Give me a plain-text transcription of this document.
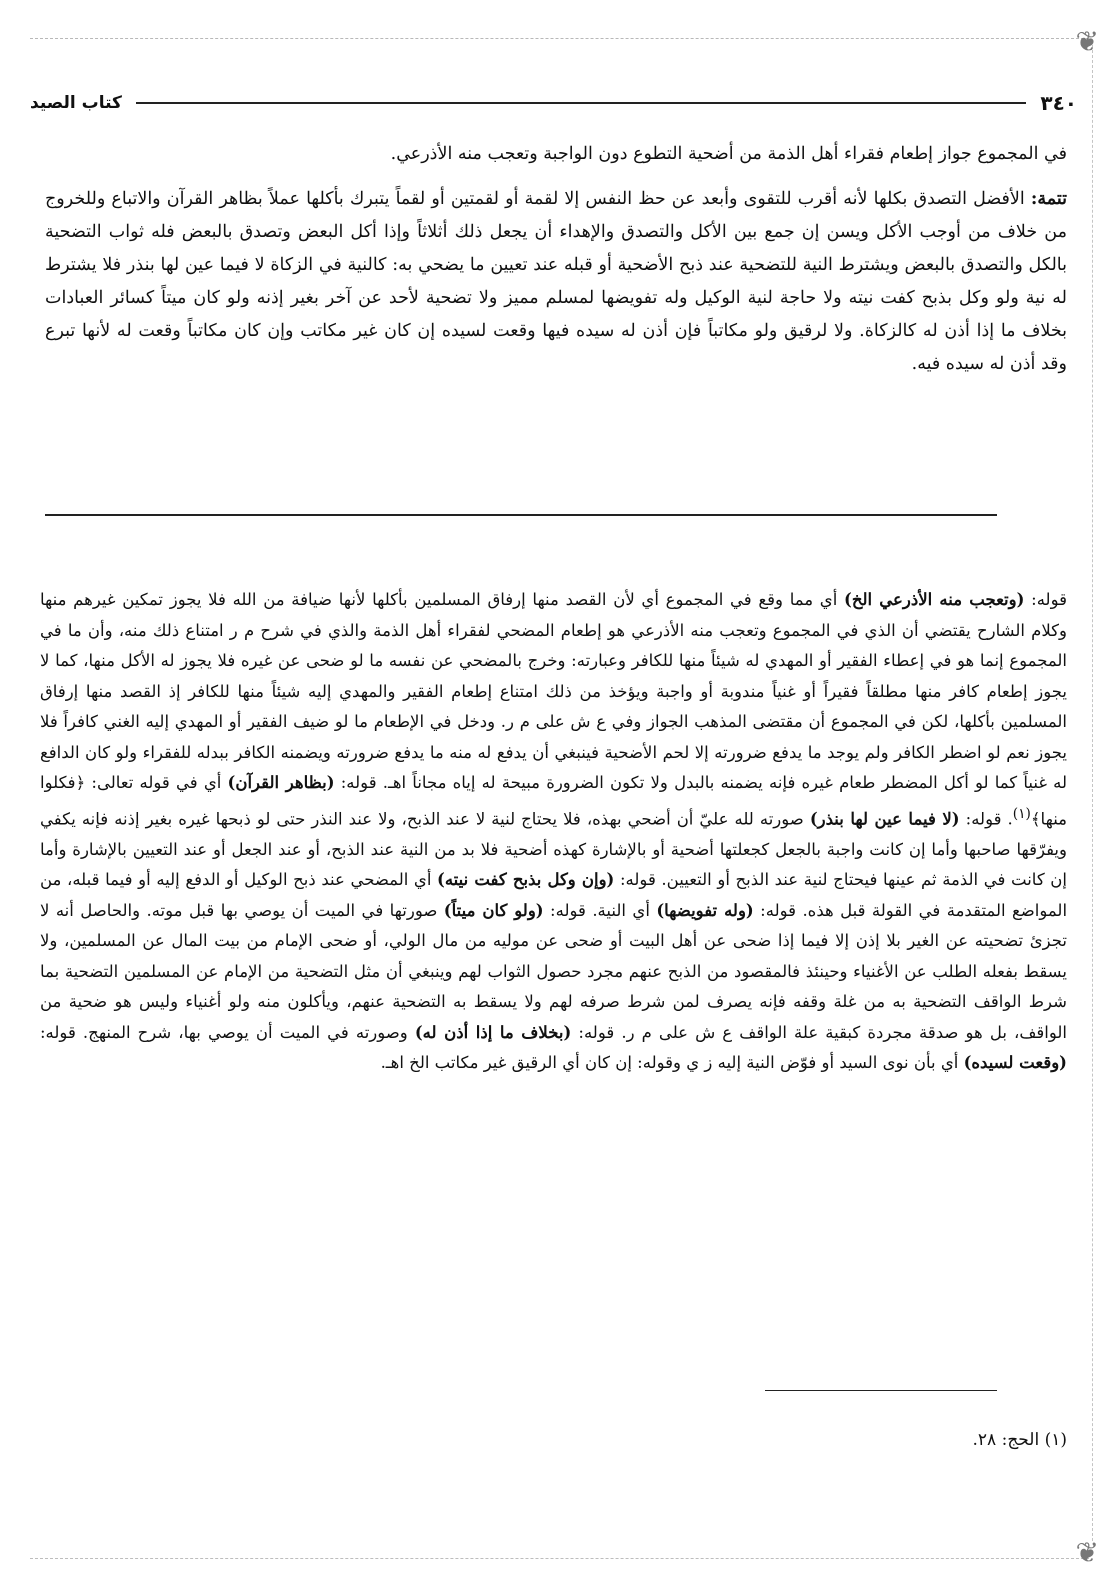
❦
❦
٣٤٠
كتاب الصيد

في المجموع جواز إطعام فقراء أهل الذمة من أضحية التطوع دون الواجبة وتعجب منه الأذرعي.

تتمة: الأفضل التصدق بكلها لأنه أقرب للتقوى وأبعد عن حظ النفس إلا لقمة أو لقمتين أو لقماً يتبرك بأكلها عملاً بظاهر القرآن والاتباع وللخروج من خلاف من أوجب الأكل ويسن إن جمع بين الأكل والتصدق والإهداء أن يجعل ذلك أثلاثاً وإذا أكل البعض وتصدق بالبعض فله ثواب التضحية بالكل والتصدق بالبعض ويشترط النية للتضحية عند ذبح الأضحية أو قبله عند تعيين ما يضحي به: كالنية في الزكاة لا فيما عين لها بنذر فلا يشترط له نية ولو وكل بذبح كفت نيته ولا حاجة لنية الوكيل وله تفويضها لمسلم مميز ولا تضحية لأحد عن آخر بغير إذنه ولو كان ميتاً كسائر العبادات بخلاف ما إذا أذن له كالزكاة. ولا لرقيق ولو مكاتباً فإن أذن له سيده فيها وقعت لسيده إن كان غير مكاتب وإن كان مكاتباً وقعت له لأنها تبرع وقد أذن له سيده فيه.

قوله: (وتعجب منه الأذرعي الخ) أي مما وقع في المجموع أي لأن القصد منها إرفاق المسلمين بأكلها لأنها ضيافة من الله فلا يجوز تمكين غيرهم منها وكلام الشارح يقتضي أن الذي في المجموع وتعجب منه الأذرعي هو إطعام المضحي لفقراء أهل الذمة والذي في شرح م ر امتناع ذلك منه، وأن ما في المجموع إنما هو في إعطاء الفقير أو المهدي له شيئاً منها للكافر وعبارته: وخرج بالمضحي عن نفسه ما لو ضحى عن غيره فلا يجوز له الأكل منها، كما لا يجوز إطعام كافر منها مطلقاً فقيراً أو غنياً مندوبة أو واجبة ويؤخذ من ذلك امتناع إطعام الفقير والمهدي إليه شيئاً منها للكافر إذ القصد منها إرفاق المسلمين بأكلها، لكن في المجموع أن مقتضى المذهب الجواز وفي ع ش على م ر. ودخل في الإطعام ما لو ضيف الفقير أو المهدي إليه الغني كافراً فلا يجوز نعم لو اضطر الكافر ولم يوجد ما يدفع ضرورته إلا لحم الأضحية فينبغي أن يدفع له منه ما يدفع ضرورته ويضمنه الكافر ببدله للفقراء ولو كان الدافع له غنياً كما لو أكل المضطر طعام غيره فإنه يضمنه بالبدل ولا تكون الضرورة مبيحة له إياه مجاناً اهـ. قوله: (بظاهر القرآن) أي في قوله تعالى: ﴿فكلوا منها﴾$^{(١)}$. قوله: (لا فيما عين لها بنذر) صورته لله عليّ أن أضحي بهذه، فلا يحتاج لنية لا عند الذبح، ولا عند النذر حتى لو ذبحها غيره بغير إذنه فإنه يكفي ويفرّقها صاحبها وأما إن كانت واجبة بالجعل كجعلتها أضحية أو بالإشارة كهذه أضحية فلا بد من النية عند الذبح، أو عند الجعل أو عند التعيين بالإشارة وأما إن كانت في الذمة ثم عينها فيحتاج لنية عند الذبح أو التعيين. قوله: (وإن وكل بذبح كفت نيته) أي المضحي عند ذبح الوكيل أو الدفع إليه أو فيما قبله، من المواضع المتقدمة في القولة قبل هذه. قوله: (وله تفويضها) أي النية. قوله: (ولو كان ميتاً) صورتها في الميت أن يوصي بها قبل موته. والحاصل أنه لا تجزئ تضحيته عن الغير بلا إذن إلا فيما إذا ضحى عن أهل البيت أو ضحى عن موليه من مال الولي، أو ضحى الإمام من بيت المال عن المسلمين، ولا يسقط بفعله الطلب عن الأغنياء وحينئذ فالمقصود من الذبح عنهم مجرد حصول الثواب لهم وينبغي أن مثل التضحية من الإمام عن المسلمين التضحية بما شرط الواقف التضحية به من غلة وقفه فإنه يصرف لمن شرط صرفه لهم ولا يسقط به التضحية عنهم، ويأكلون منه ولو أغنياء وليس هو ضحية من الواقف، بل هو صدقة مجردة كبقية علة الواقف ع ش على م ر. قوله: (بخلاف ما إذا أذن له) وصورته في الميت أن يوصي بها، شرح المنهج. قوله: (وقعت لسيده) أي بأن نوى السيد أو فوّض النية إليه ز ي وقوله: إن كان أي الرقيق غير مكاتب الخ اهـ.

(١) الحج: ٢٨.
